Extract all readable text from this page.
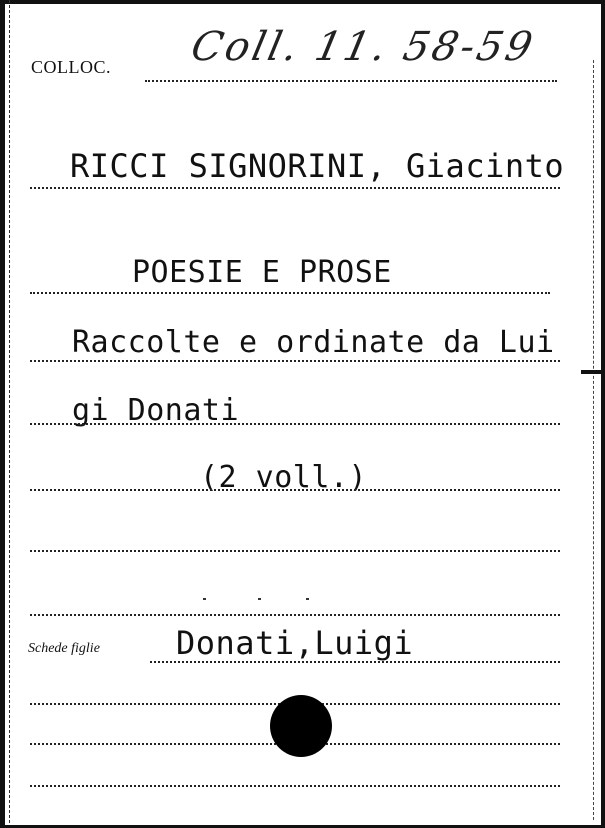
COLLOC. Coll. 11. 58-59
RICCI SIGNORINI, Giacinto
POESIE E PROSE
Raccolte e ordinate da Lui
gi Donati
(2 voll.)
Schede figlie Donati,Luigi
